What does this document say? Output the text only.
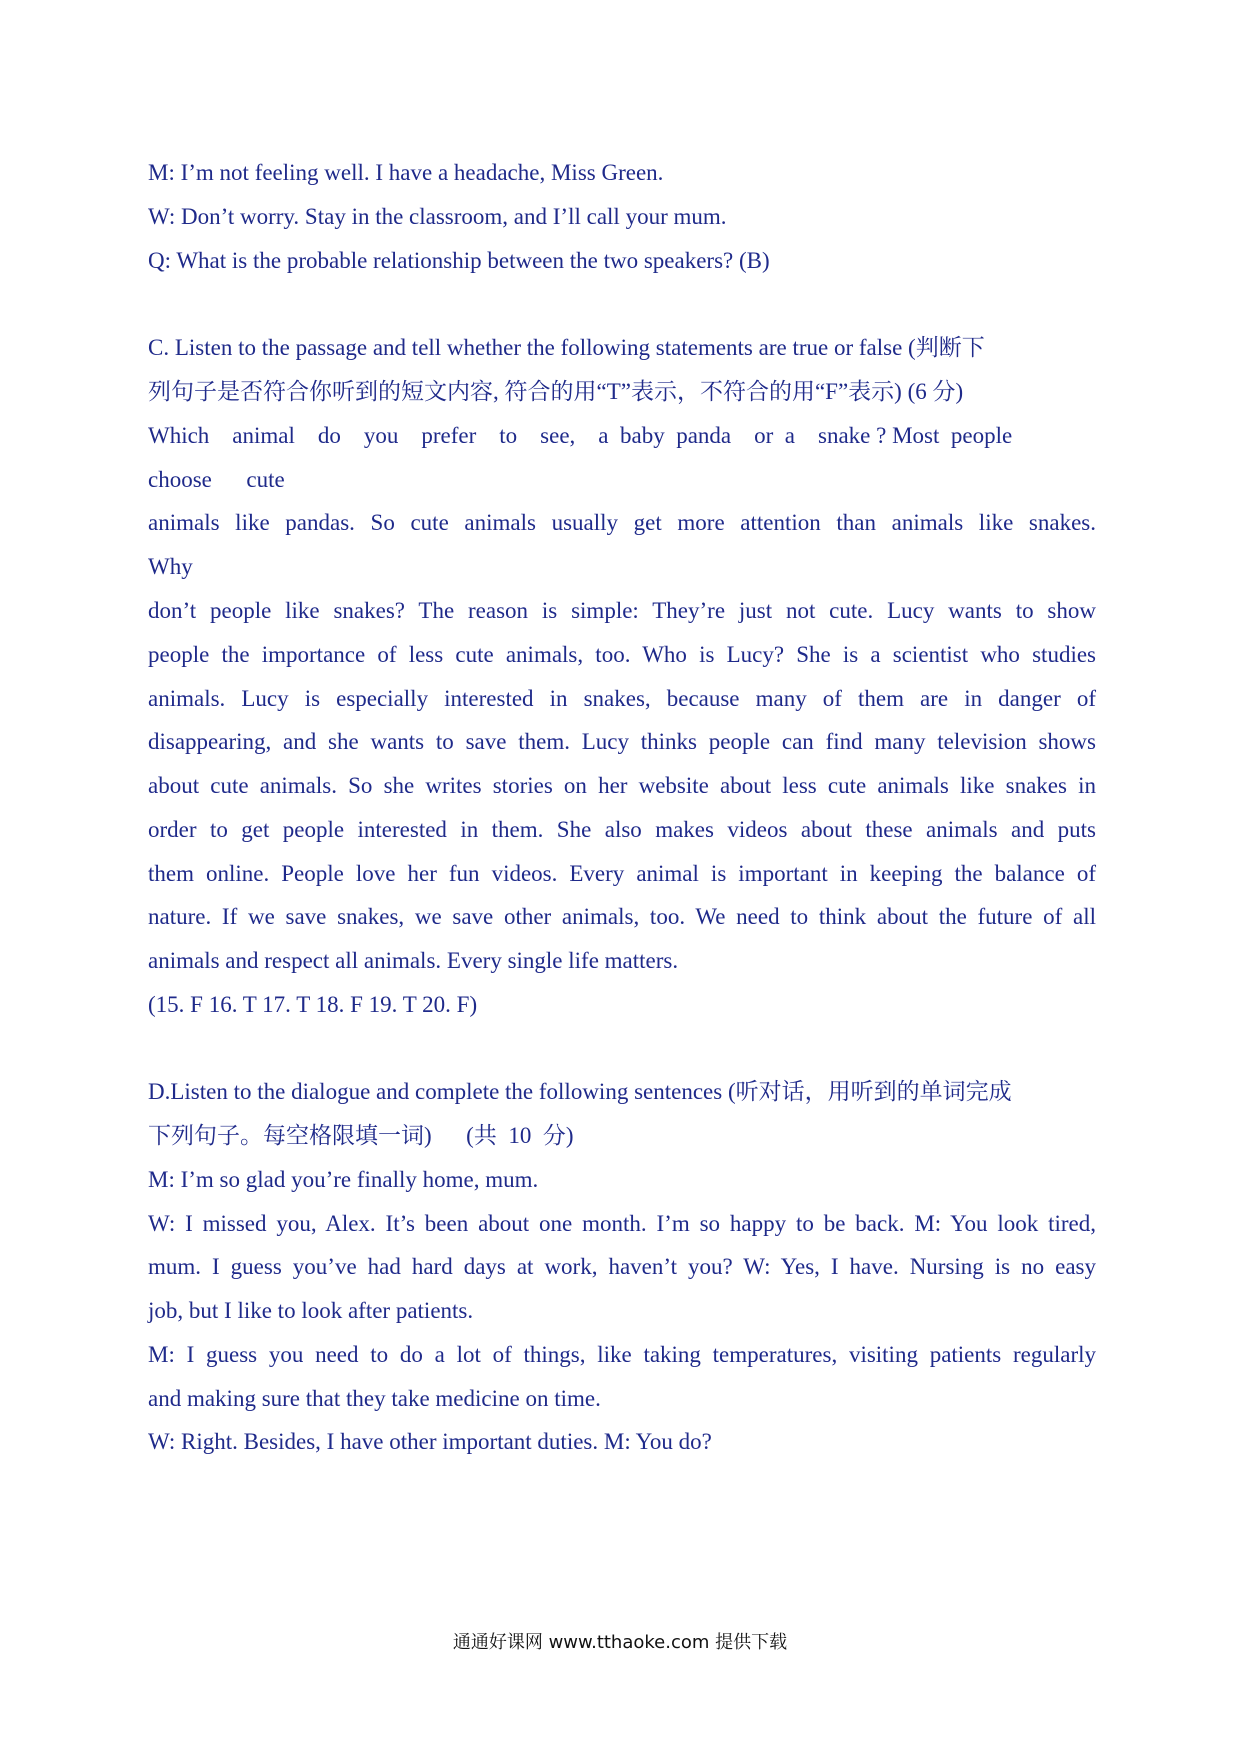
M: I’m not feeling well. I have a headache, Miss Green.
W: Don’t worry. Stay in the classroom, and I’ll call your mum.
Q: What is the probable relationship between the two speakers? (B)
C. Listen to the passage and tell whether the following statements are true or false (判断下
列句子是否符合你听到的短文内容, 符合的用“T”表示，不符合的用“F”表示) (6 分)
Which    animal    do    you    prefer    to    see,    a  baby  panda    or  a    snake ? Most  people
choose      cute
animals like pandas. So cute animals usually get more attention than animals like snakes.
Why
don’t people like snakes? The reason is simple: They’re just not cute. Lucy wants to show
people the importance of less cute animals, too. Who is Lucy? She is a scientist who studies
animals. Lucy is especially interested in snakes, because many of them are in danger of
disappearing, and she wants to save them. Lucy thinks people can find many television shows
about cute animals. So she writes stories on her website about less cute animals like snakes in
order to get people interested in them. She also makes videos about these animals and puts
them online. People love her fun videos. Every animal is important in keeping the balance of
nature. If we save snakes, we save other animals, too. We need to think about the future of all
animals and respect all animals. Every single life matters.
(15. F 16. T 17. T 18. F 19. T 20. F)
D.Listen to the dialogue and complete the following sentences (听对话，用听到的单词完成
下列句子。每空格限填一词)      (共  10  分)
M: I’m so glad you’re finally home, mum.
W: I missed you, Alex. It’s been about one month. I’m so happy to be back. M: You look tired,
mum. I guess you’ve had hard days at work, haven’t you? W: Yes, I have. Nursing is no easy
job, but I like to look after patients.
M: I guess you need to do a lot of things, like taking temperatures, visiting patients regularly
and making sure that they take medicine on time.
W: Right. Besides, I have other important duties. M: You do?
通通好课网 www.tthaoke.com 提供下载
